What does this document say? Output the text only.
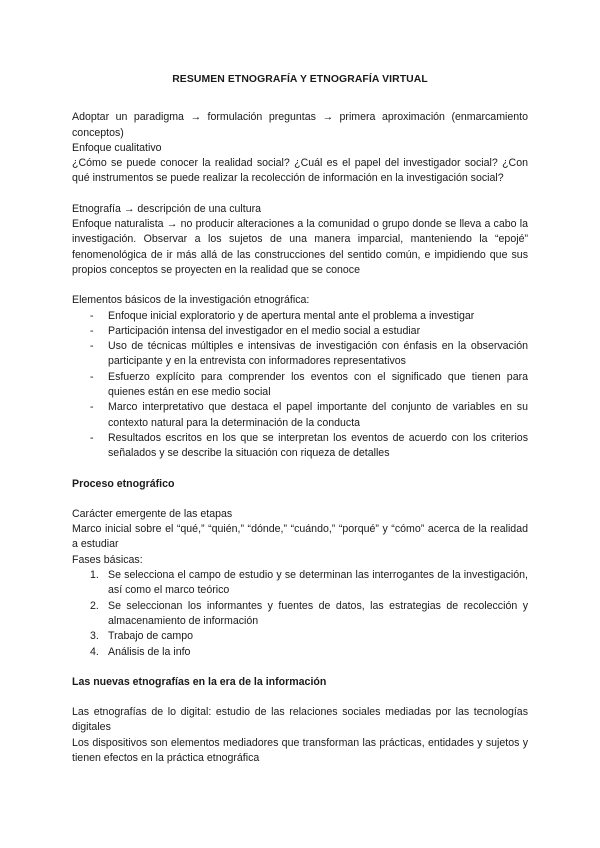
RESUMEN ETNOGRAFÍA Y ETNOGRAFÍA VIRTUAL

Adoptar un paradigma → formulación preguntas → primera aproximación (enmarcamiento conceptos)

Enfoque cualitativo

¿Cómo se puede conocer la realidad social? ¿Cuál es el papel del investigador social? ¿Con qué instrumentos se puede realizar la recolección de información en la investigación social?

Etnografía → descripción de una cultura

Enfoque naturalista → no producir alteraciones a la comunidad o grupo donde se lleva a cabo la investigación. Observar a los sujetos de una manera imparcial, manteniendo la “epojé” fenomenológica de ir más allá de las construcciones del sentido común, e impidiendo que sus propios conceptos se proyecten en la realidad que se conoce

Elementos básicos de la investigación etnográfica:

- Enfoque inicial exploratorio y de apertura mental ante el problema a investigar
- Participación intensa del investigador en el medio social a estudiar
- Uso de técnicas múltiples e intensivas de investigación con énfasis en la observación participante y en la entrevista con informadores representativos
- Esfuerzo explícito para comprender los eventos con el significado que tienen para quienes están en ese medio social
- Marco interpretativo que destaca el papel importante del conjunto de variables en su contexto natural para la determinación de la conducta
- Resultados escritos en los que se interpretan los eventos de acuerdo con los criterios señalados y se describe la situación con riqueza de detalles

Proceso etnográfico

Carácter emergente de las etapas

Marco inicial sobre el “qué,” “quién,” “dónde,” “cuándo,” “porqué” y “cómo” acerca de la realidad a estudiar

Fases básicas:

1. Se selecciona el campo de estudio y se determinan las interrogantes de la investigación, así como el marco teórico
2. Se seleccionan los informantes y fuentes de datos, las estrategias de recolección y almacenamiento de información
3. Trabajo de campo
4. Análisis de la info

Las nuevas etnografías en la era de la información

Las etnografías de lo digital: estudio de las relaciones sociales mediadas por las tecnologías digitales

Los dispositivos son elementos mediadores que transforman las prácticas, entidades y sujetos y tienen efectos en la práctica etnográfica
